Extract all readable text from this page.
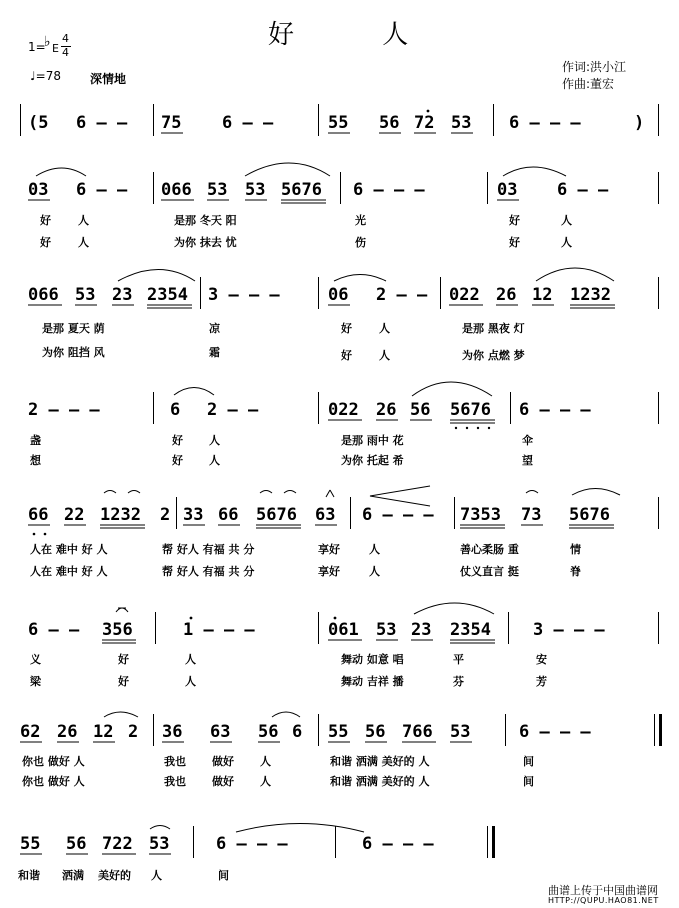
好 人
1=
♭ E
4
4
♩=78 深情地
作词:洪小江
作曲:董宏
(5 6 — — 75 6 — —	55 56 72 53 6 — — —	)
03 6 — — 066 53 53 5676 6 — — —	03 6 — —
好 人	是那 冬天 阳	光	好	人
好 人	为你 抹去 忧	伤	好	人
066 53 23 2354 3 — — —	06 2 — — 022 26 12 1232
是那 夏天 荫	凉	好 人	是那 黑夜 灯
为你 阻挡 风	霜	好 人	为你 点燃 梦
2 — — —	6 2 — —	022 26 56 5676 6 — — —
盏	好 人	是那 雨中 花	伞
想	好 人	为你 托起 希	望
66 22 1232 2 33 66 5676 63 6 — — — 7353 73 5676
人在 难中 好 人	帮 好人 有福 共 分	享好	人	善心柔肠 重	情
人在 难中 好 人	帮 好人 有福 共 分	享好	人	仗义直言 挺	脊
6 — — 356	1 — — —	061 53 23 2354 3 — — —
义	好	人	舞动 如意 唱	平	安
梁	好	人	舞动 吉祥 播	芬	芳
62 26 12 2 36 63 56 6 55 56 766 53	6 — — —
你也 做好 人	我也 做好 人	和谐 洒满 美好的 人	间
你也 做好 人	我也 做好 人	和谐 洒满 美好的 人	间
55 56 722 53	6 — — —	6 — — —
和谐 洒满 美好的 人	间
曲谱上传于中国曲谱网
HTTP://QUPU.HAO81.NET
